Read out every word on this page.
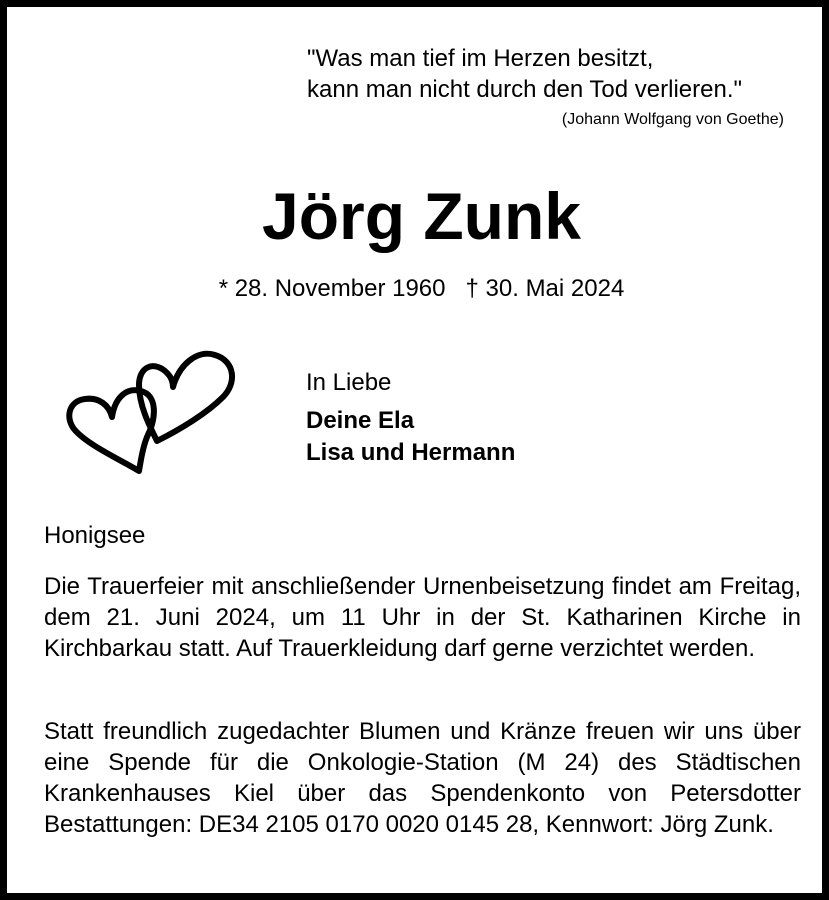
"Was man tief im Herzen besitzt,
kann man nicht durch den Tod verlieren."
(Johann Wolfgang von Goethe)
Jörg Zunk
* 28. November 1960 † 30. Mai 2024
In Liebe
Deine Ela
Lisa und Hermann
Honigsee
Die Trauerfeier mit anschließender Urnenbeisetzung findet am Freitag, dem 21. Juni 2024, um 11 Uhr in der St. Katharinen Kirche in Kirchbarkau statt. Auf Trauerkleidung darf gerne verzichtet werden.
Statt freundlich zugedachter Blumen und Kränze freuen wir uns über eine Spende für die Onkologie-Station (M 24) des Städtischen Krankenhauses Kiel über das Spendenkonto von Petersdotter Bestattungen: DE34 2105 0170 0020 0145 28, Kennwort: Jörg Zunk.
